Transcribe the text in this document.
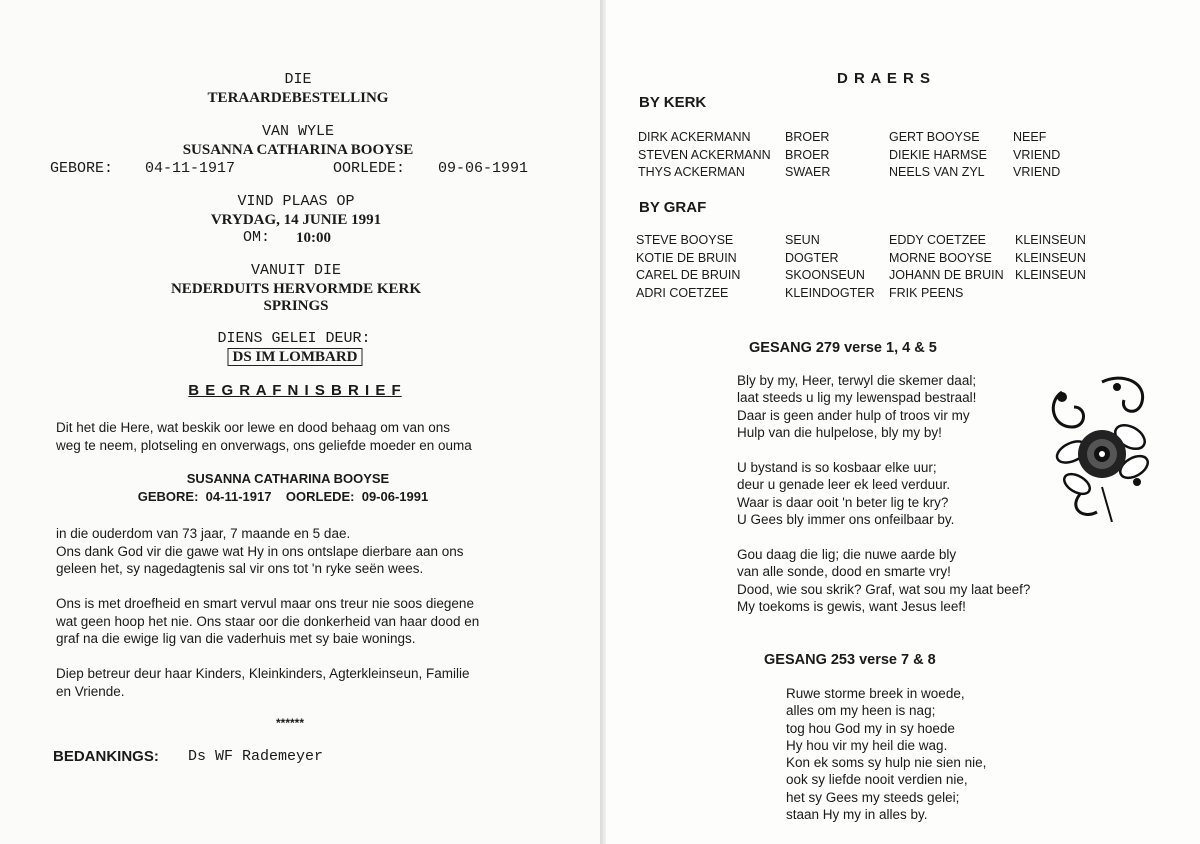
DIE
TERAARDEBESTELLING
VAN WYLE
SUSANNA CATHARINA BOOYSE
GEBORE: 04-11-1917	OORLEDE: 09-06-1991
VIND PLAAS OP
VRYDAG, 14 JUNIE 1991
OM: 10:00
VANUIT DIE
NEDERDUITS HERVORMDE KERK
SPRINGS
DIENS GELEI DEUR:
DS IM LOMBARD
B E G R A F N I S B R I E F
Dit het die Here, wat beskik oor lewe en dood behaag om van ons
weg te neem, plotseling en onverwags, ons geliefde moeder en ouma
SUSANNA CATHARINA BOOYSE
GEBORE:  04-11-1917    OORLEDE:  09-06-1991
in die ouderdom van 73 jaar, 7 maande en 5 dae.
Ons dank God vir die gawe wat Hy in ons ontslape dierbare aan ons
geleen het, sy nagedagtenis sal vir ons tot 'n ryke seën wees.
Ons is met droefheid en smart vervul maar ons treur nie soos diegene
wat geen hoop het nie. Ons staar oor die donkerheid van haar dood en
graf na die ewige lig van die vaderhuis met sy baie wonings.
Diep betreur deur haar Kinders, Kleinkinders, Agterkleinseun, Familie
en Vriende.
******
BEDANKINGS: Ds WF Rademeyer
D R A E R S
BY KERK
DIRK ACKERMANN	BROER	GERT BOOYSE	NEEF
STEVEN ACKERMANN	BROER	DIEKIE HARMSE	VRIEND
THYS ACKERMAN	SWAER	NEELS VAN ZYL	VRIEND
BY GRAF
STEVE BOOYSE	SEUN	EDDY COETZEE	KLEINSEUN
KOTIE DE BRUIN	DOGTER	MORNE BOOYSE	KLEINSEUN
CAREL DE BRUIN	SKOONSEUN	JOHANN DE BRUIN	KLEINSEUN
ADRI COETZEE	KLEINDOGTER	FRIK PEENS	
GESANG 279 verse 1, 4 & 5
Bly by my, Heer, terwyl die skemer daal;
laat steeds u lig my lewenspad bestraal!
Daar is geen ander hulp of troos vir my
Hulp van die hulpelose, bly my by!
U bystand is so kosbaar elke uur;
deur u genade leer ek leed verduur.
Waar is daar ooit 'n beter lig te kry?
U Gees bly immer ons onfeilbaar by.
Gou daag die lig; die nuwe aarde bly
van alle sonde, dood en smarte vry!
Dood, wie sou skrik? Graf, wat sou my laat beef?
My toekoms is gewis, want Jesus leef!
GESANG 253 verse 7 & 8
Ruwe storme breek in woede,
alles om my heen is nag;
tog hou God my in sy hoede
Hy hou vir my heil die wag.
Kon ek soms sy hulp nie sien nie,
ook sy liefde nooit verdien nie,
het sy Gees my steeds gelei;
staan Hy my in alles by.
